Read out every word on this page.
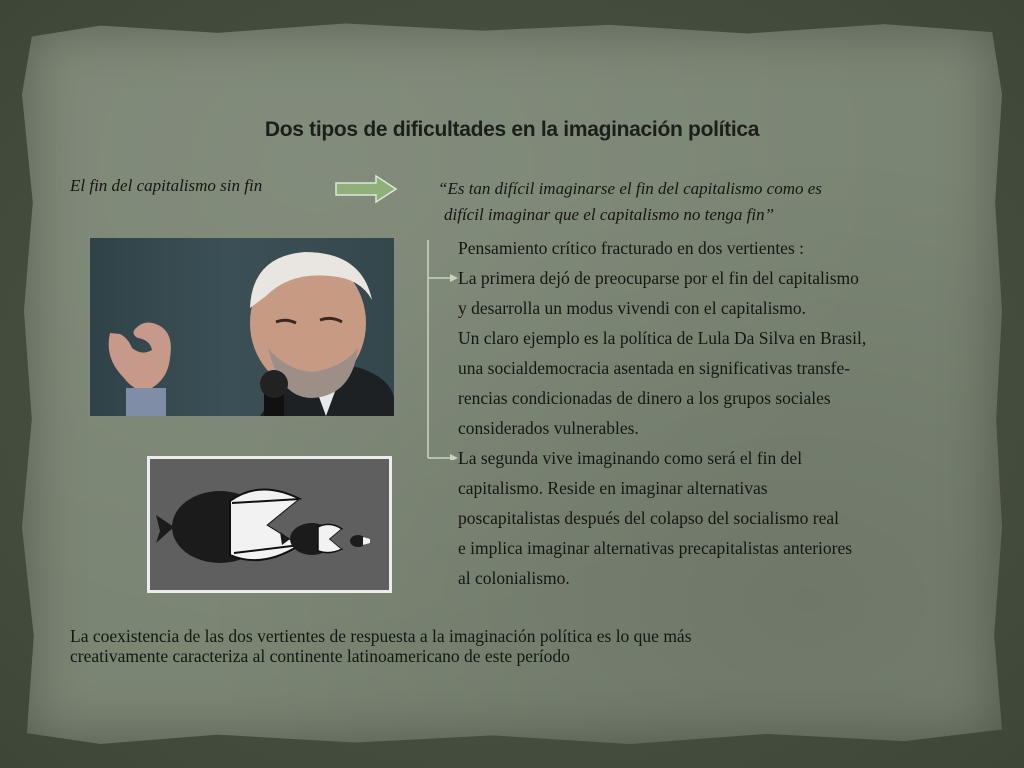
Dos tipos de dificultades en la imaginación política
El fin del capitalismo sin fin	“Es tan difícil imaginarse el fin del capitalismo como es

difícil imaginar que el capitalismo no tenga fin”
Pensamiento crítico fracturado en dos vertientes :
La primera dejó de preocuparse por el fin del capitalismo
y desarrolla un modus vivendi con el capitalismo.
Un claro ejemplo es la política de Lula Da Silva en Brasil,
una socialdemocracia asentada en significativas transfe-
rencias condicionadas de dinero a los grupos sociales
considerados vulnerables.
La segunda vive imaginando como será el fin del
capitalismo. Reside en imaginar alternativas
poscapitalistas después del colapso del socialismo real
e implica imaginar alternativas precapitalistas anteriores
al colonialismo.
La coexistencia de las dos vertientes de respuesta a la imaginación política es lo que más
creativamente caracteriza al continente latinoamericano de este período
